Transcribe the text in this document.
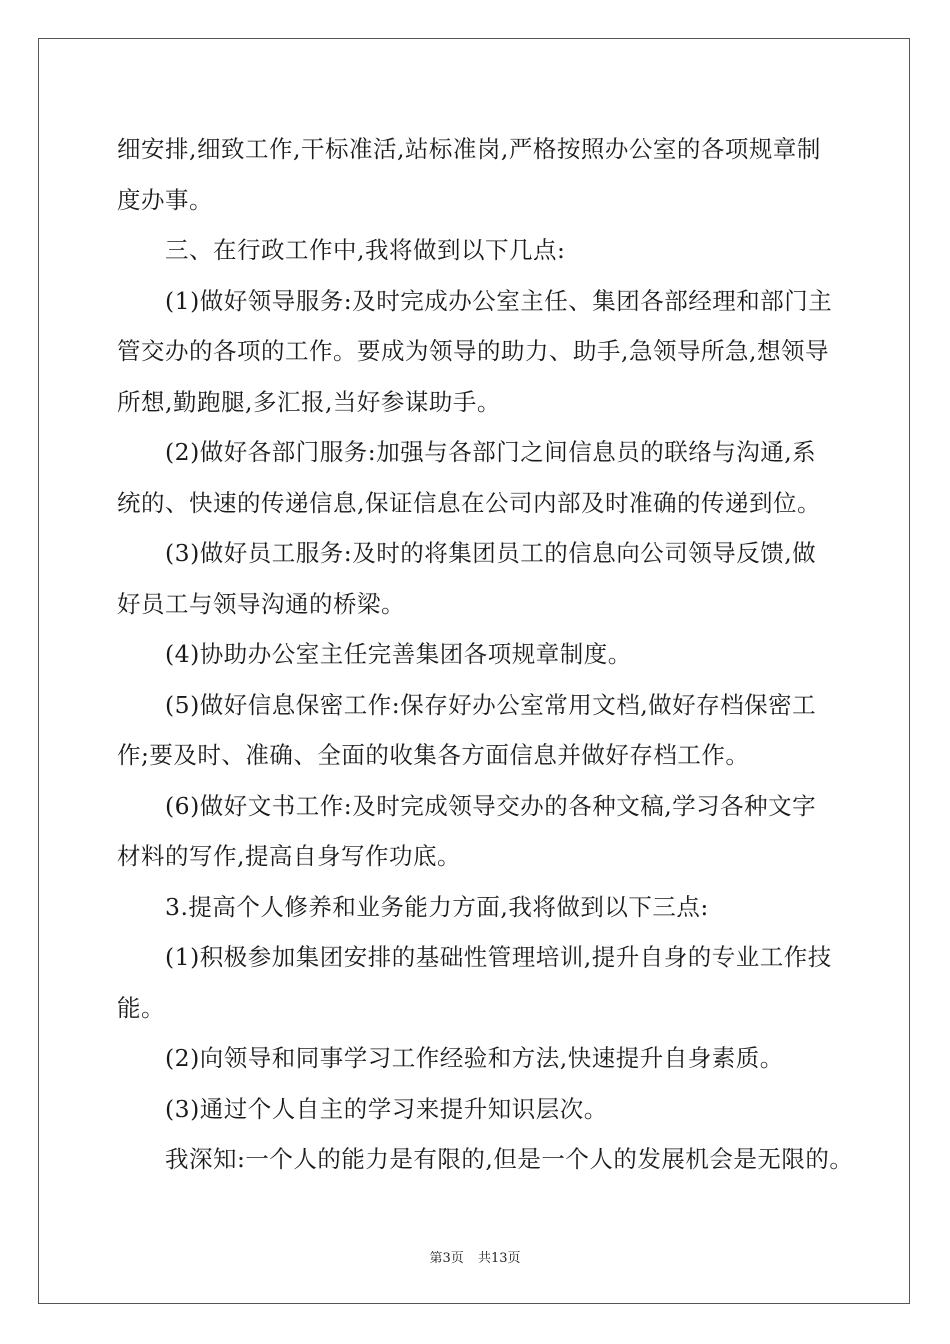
细安排,细致工作,干标准活,站标准岗,严格按照办公室的各项规章制
度办事。
三、在行政工作中,我将做到以下几点:
(1)做好领导服务:及时完成办公室主任、集团各部经理和部门主
管交办的各项的工作。要成为领导的助力、助手,急领导所急,想领导
所想,勤跑腿,多汇报,当好参谋助手。
(2)做好各部门服务:加强与各部门之间信息员的联络与沟通,系
统的、快速的传递信息,保证信息在公司内部及时准确的传递到位。
(3)做好员工服务:及时的将集团员工的信息向公司领导反馈,做
好员工与领导沟通的桥梁。
(4)协助办公室主任完善集团各项规章制度。
(5)做好信息保密工作:保存好办公室常用文档,做好存档保密工
作;要及时、准确、全面的收集各方面信息并做好存档工作。
(6)做好文书工作:及时完成领导交办的各种文稿,学习各种文字
材料的写作,提高自身写作功底。
3.提高个人修养和业务能力方面,我将做到以下三点:
(1)积极参加集团安排的基础性管理培训,提升自身的专业工作技
能。
(2)向领导和同事学习工作经验和方法,快速提升自身素质。
(3)通过个人自主的学习来提升知识层次。
我深知:一个人的能力是有限的,但是一个人的发展机会是无限的。

第3页 共13页
